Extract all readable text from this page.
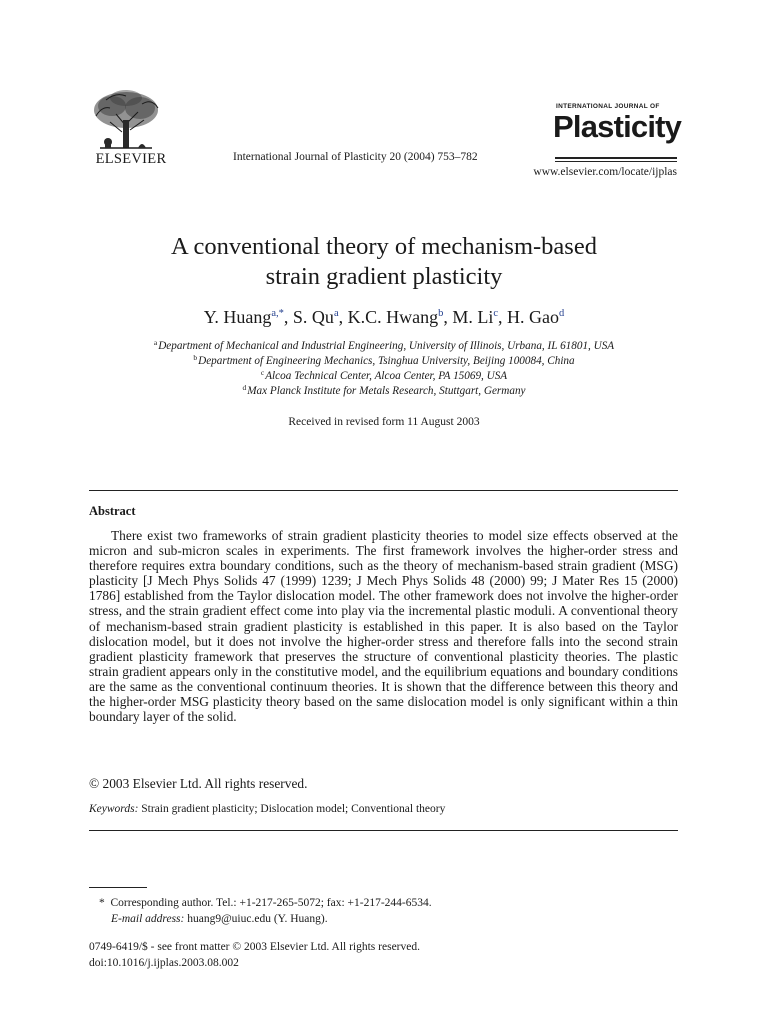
ELSEVIER	International Journal of Plasticity 20 (2004) 753–782
INTERNATIONAL JOURNAL OF
Plasticity
www.elsevier.com/locate/ijplas
A conventional theory of mechanism-based
strain gradient plasticity
Y. Huang$^{a,*}$, S. Qu$^a$, K.C. Hwang$^b$, M. Li$^c$, H. Gao$^d$
$^a$Department of Mechanical and Industrial Engineering, University of Illinois, Urbana, IL 61801, USA
$^b$Department of Engineering Mechanics, Tsinghua University, Beijing 100084, China
$^c$Alcoa Technical Center, Alcoa Center, PA 15069, USA
$^d$Max Planck Institute for Metals Research, Stuttgart, Germany
Received in revised form 11 August 2003
Abstract
There exist two frameworks of strain gradient plasticity theories to model size effects observed at the micron and sub-micron scales in experiments. The first framework involves the higher-order stress and therefore requires extra boundary conditions, such as the theory of mechanism-based strain gradient (MSG) plasticity [J Mech Phys Solids 47 (1999) 1239; J Mech Phys Solids 48 (2000) 99; J Mater Res 15 (2000) 1786] established from the Taylor dislocation model. The other framework does not involve the higher-order stress, and the strain gradient effect come into play via the incremental plastic moduli. A conventional theory of mechanism-based strain gradient plasticity is established in this paper. It is also based on the Taylor dislocation model, but it does not involve the higher-order stress and therefore falls into the second strain gradient plasticity framework that preserves the structure of conventional plasticity theories. The plastic strain gradient appears only in the constitutive model, and the equilibrium equations and boundary conditions are the same as the conventional continuum theories. It is shown that the difference between this theory and the higher-order MSG plasticity theory based on the same dislocation model is only significant within a thin boundary layer of the solid.
© 2003 Elsevier Ltd. All rights reserved.
Keywords: Strain gradient plasticity; Dislocation model; Conventional theory
* Corresponding author. Tel.: +1-217-265-5072; fax: +1-217-244-6534.
E-mail address: huang9@uiuc.edu (Y. Huang).
0749-6419/$ - see front matter © 2003 Elsevier Ltd. All rights reserved.
doi:10.1016/j.ijplas.2003.08.002
